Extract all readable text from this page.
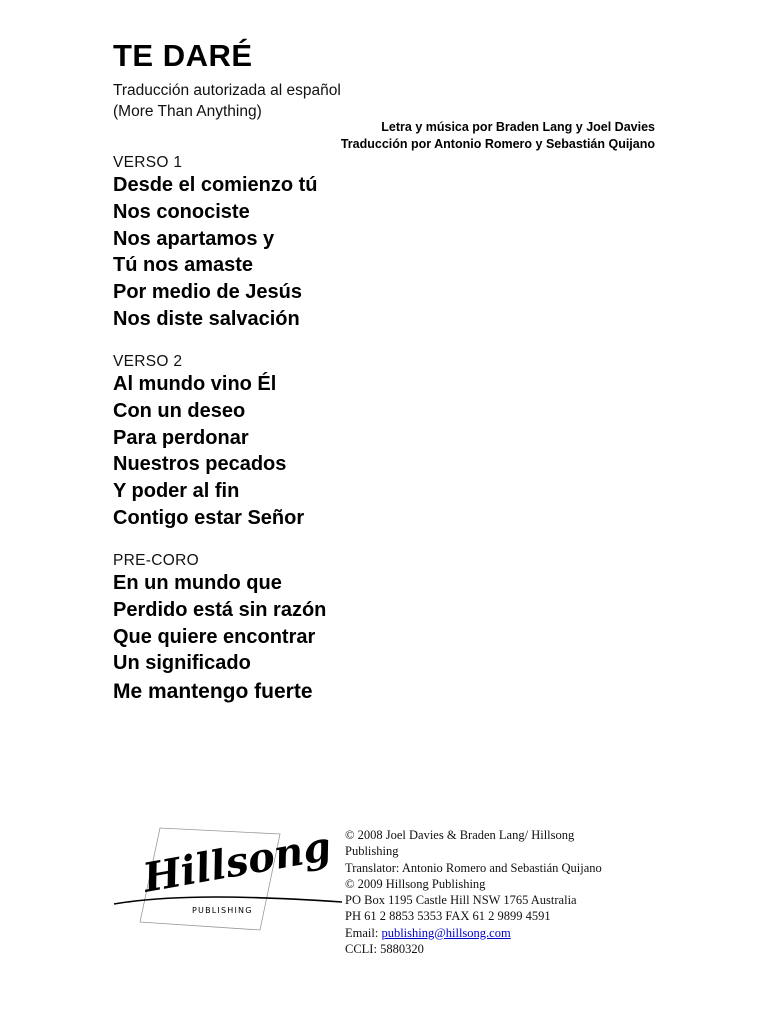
TE DARÉ
Traducción autorizada al español
(More Than Anything)
Letra y música por Braden Lang y Joel Davies
Traducción por Antonio Romero y Sebastián Quijano
VERSO 1
Desde el comienzo tú
Nos conociste
Nos apartamos y
Tú nos amaste
Por medio de Jesús
Nos diste salvación
VERSO 2
Al mundo vino Él
Con un deseo
Para perdonar
Nuestros pecados
Y poder al fin
Contigo estar Señor
PRE-CORO
En un mundo que
Perdido está sin razón
Que quiere encontrar
Un significado
Me mantengo fuerte
Hillsong
PUBLISHING
© 2008 Joel Davies & Braden Lang/ Hillsong
Publishing
Translator: Antonio Romero and Sebastián Quijano
© 2009 Hillsong Publishing
PO Box 1195 Castle Hill NSW 1765 Australia
PH 61 2 8853 5353 FAX 61 2 9899 4591
Email: publishing@hillsong.com
CCLI: 5880320
